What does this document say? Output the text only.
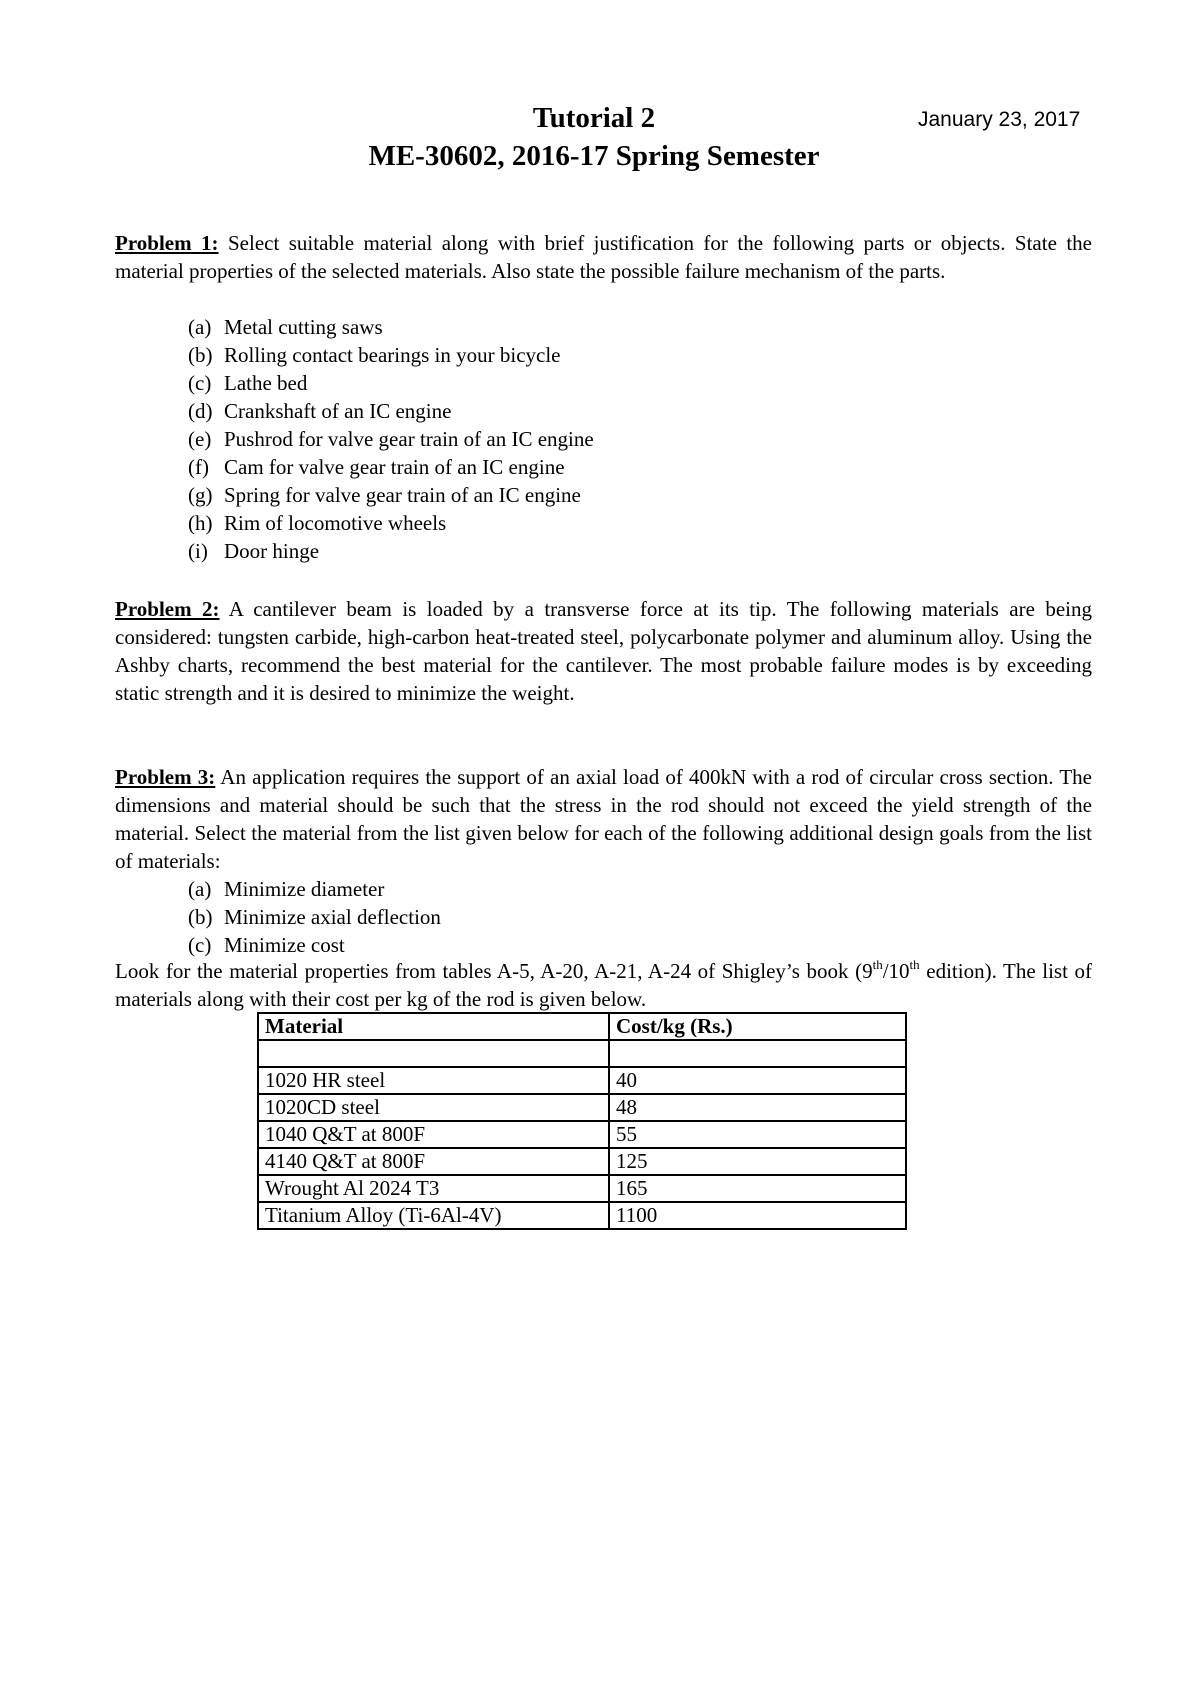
January 23, 2017
Tutorial 2
ME-30602, 2016-17 Spring Semester
Problem 1: Select suitable material along with brief justification for the following parts or objects. State the material properties of the selected materials. Also state the possible failure mechanism of the parts.
(a) Metal cutting saws
(b) Rolling contact bearings in your bicycle
(c) Lathe bed
(d) Crankshaft of an IC engine
(e) Pushrod for valve gear train of an IC engine
(f) Cam for valve gear train of an IC engine
(g) Spring for valve gear train of an IC engine
(h) Rim of locomotive wheels
(i) Door hinge
Problem 2: A cantilever beam is loaded by a transverse force at its tip. The following materials are being considered: tungsten carbide, high-carbon heat-treated steel, polycarbonate polymer and aluminum alloy. Using the Ashby charts, recommend the best material for the cantilever. The most probable failure modes is by exceeding static strength and it is desired to minimize the weight.
Problem 3: An application requires the support of an axial load of 400kN with a rod of circular cross section. The dimensions and material should be such that the stress in the rod should not exceed the yield strength of the material. Select the material from the list given below for each of the following additional design goals from the list of materials:
(a) Minimize diameter
(b) Minimize axial deflection
(c) Minimize cost
Look for the material properties from tables A-5, A-20, A-21, A-24 of Shigley’s book (9th/10th edition). The list of materials along with their cost per kg of the rod is given below.
Material	Cost/kg (Rs.)

1020 HR steel	40
1020CD steel	48
1040 Q&T at 800F	55
4140 Q&T at 800F	125
Wrought Al 2024 T3	165
Titanium Alloy (Ti-6Al-4V)	1100
